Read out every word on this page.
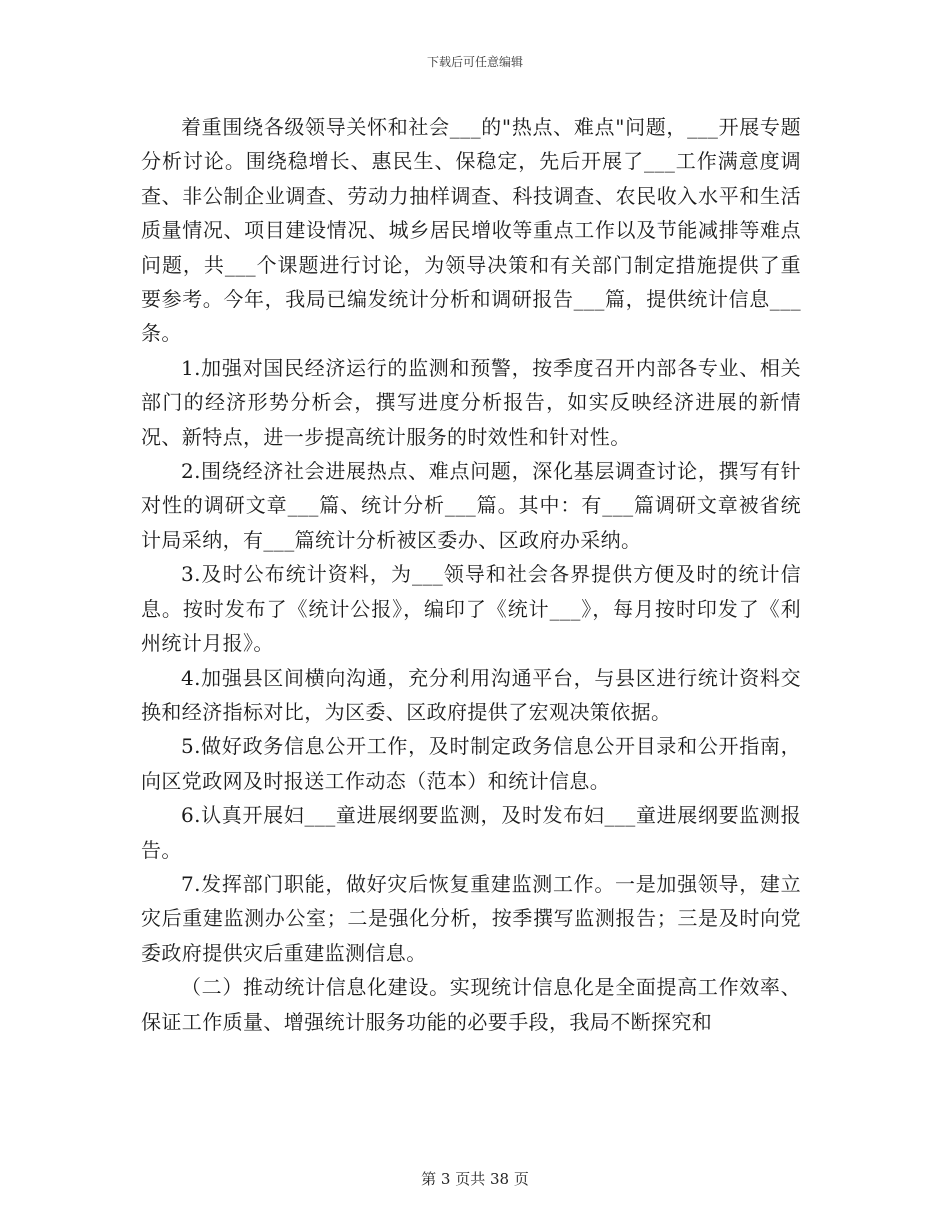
下载后可任意编辑

着重围绕各级领导关怀和社会___的"热点、难点"问题，___开展专题分析讨论。围绕稳增长、惠民生、保稳定，先后开展了___工作满意度调查、非公制企业调查、劳动力抽样调查、科技调查、农民收入水平和生活质量情况、项目建设情况、城乡居民增收等重点工作以及节能减排等难点问题，共___个课题进行讨论，为领导决策和有关部门制定措施提供了重要参考。今年，我局已编发统计分析和调研报告___篇，提供统计信息___条。

1.加强对国民经济运行的监测和预警，按季度召开内部各专业、相关部门的经济形势分析会，撰写进度分析报告，如实反映经济进展的新情况、新特点，进一步提高统计服务的时效性和针对性。

2.围绕经济社会进展热点、难点问题，深化基层调查讨论，撰写有针对性的调研文章___篇、统计分析___篇。其中：有___篇调研文章被省统计局采纳，有___篇统计分析被区委办、区政府办采纳。

3.及时公布统计资料，为___领导和社会各界提供方便及时的统计信息。按时发布了《统计公报》，编印了《统计___》，每月按时印发了《利州统计月报》。

4.加强县区间横向沟通，充分利用沟通平台，与县区进行统计资料交换和经济指标对比，为区委、区政府提供了宏观决策依据。

5.做好政务信息公开工作，及时制定政务信息公开目录和公开指南，向区党政网及时报送工作动态（范本）和统计信息。

6.认真开展妇___童进展纲要监测，及时发布妇___童进展纲要监测报告。

7.发挥部门职能，做好灾后恢复重建监测工作。一是加强领导，建立灾后重建监测办公室；二是强化分析，按季撰写监测报告；三是及时向党委政府提供灾后重建监测信息。

（二）推动统计信息化建设。实现统计信息化是全面提高工作效率、保证工作质量、增强统计服务功能的必要手段，我局不断探究和

第 3 页共 38 页
